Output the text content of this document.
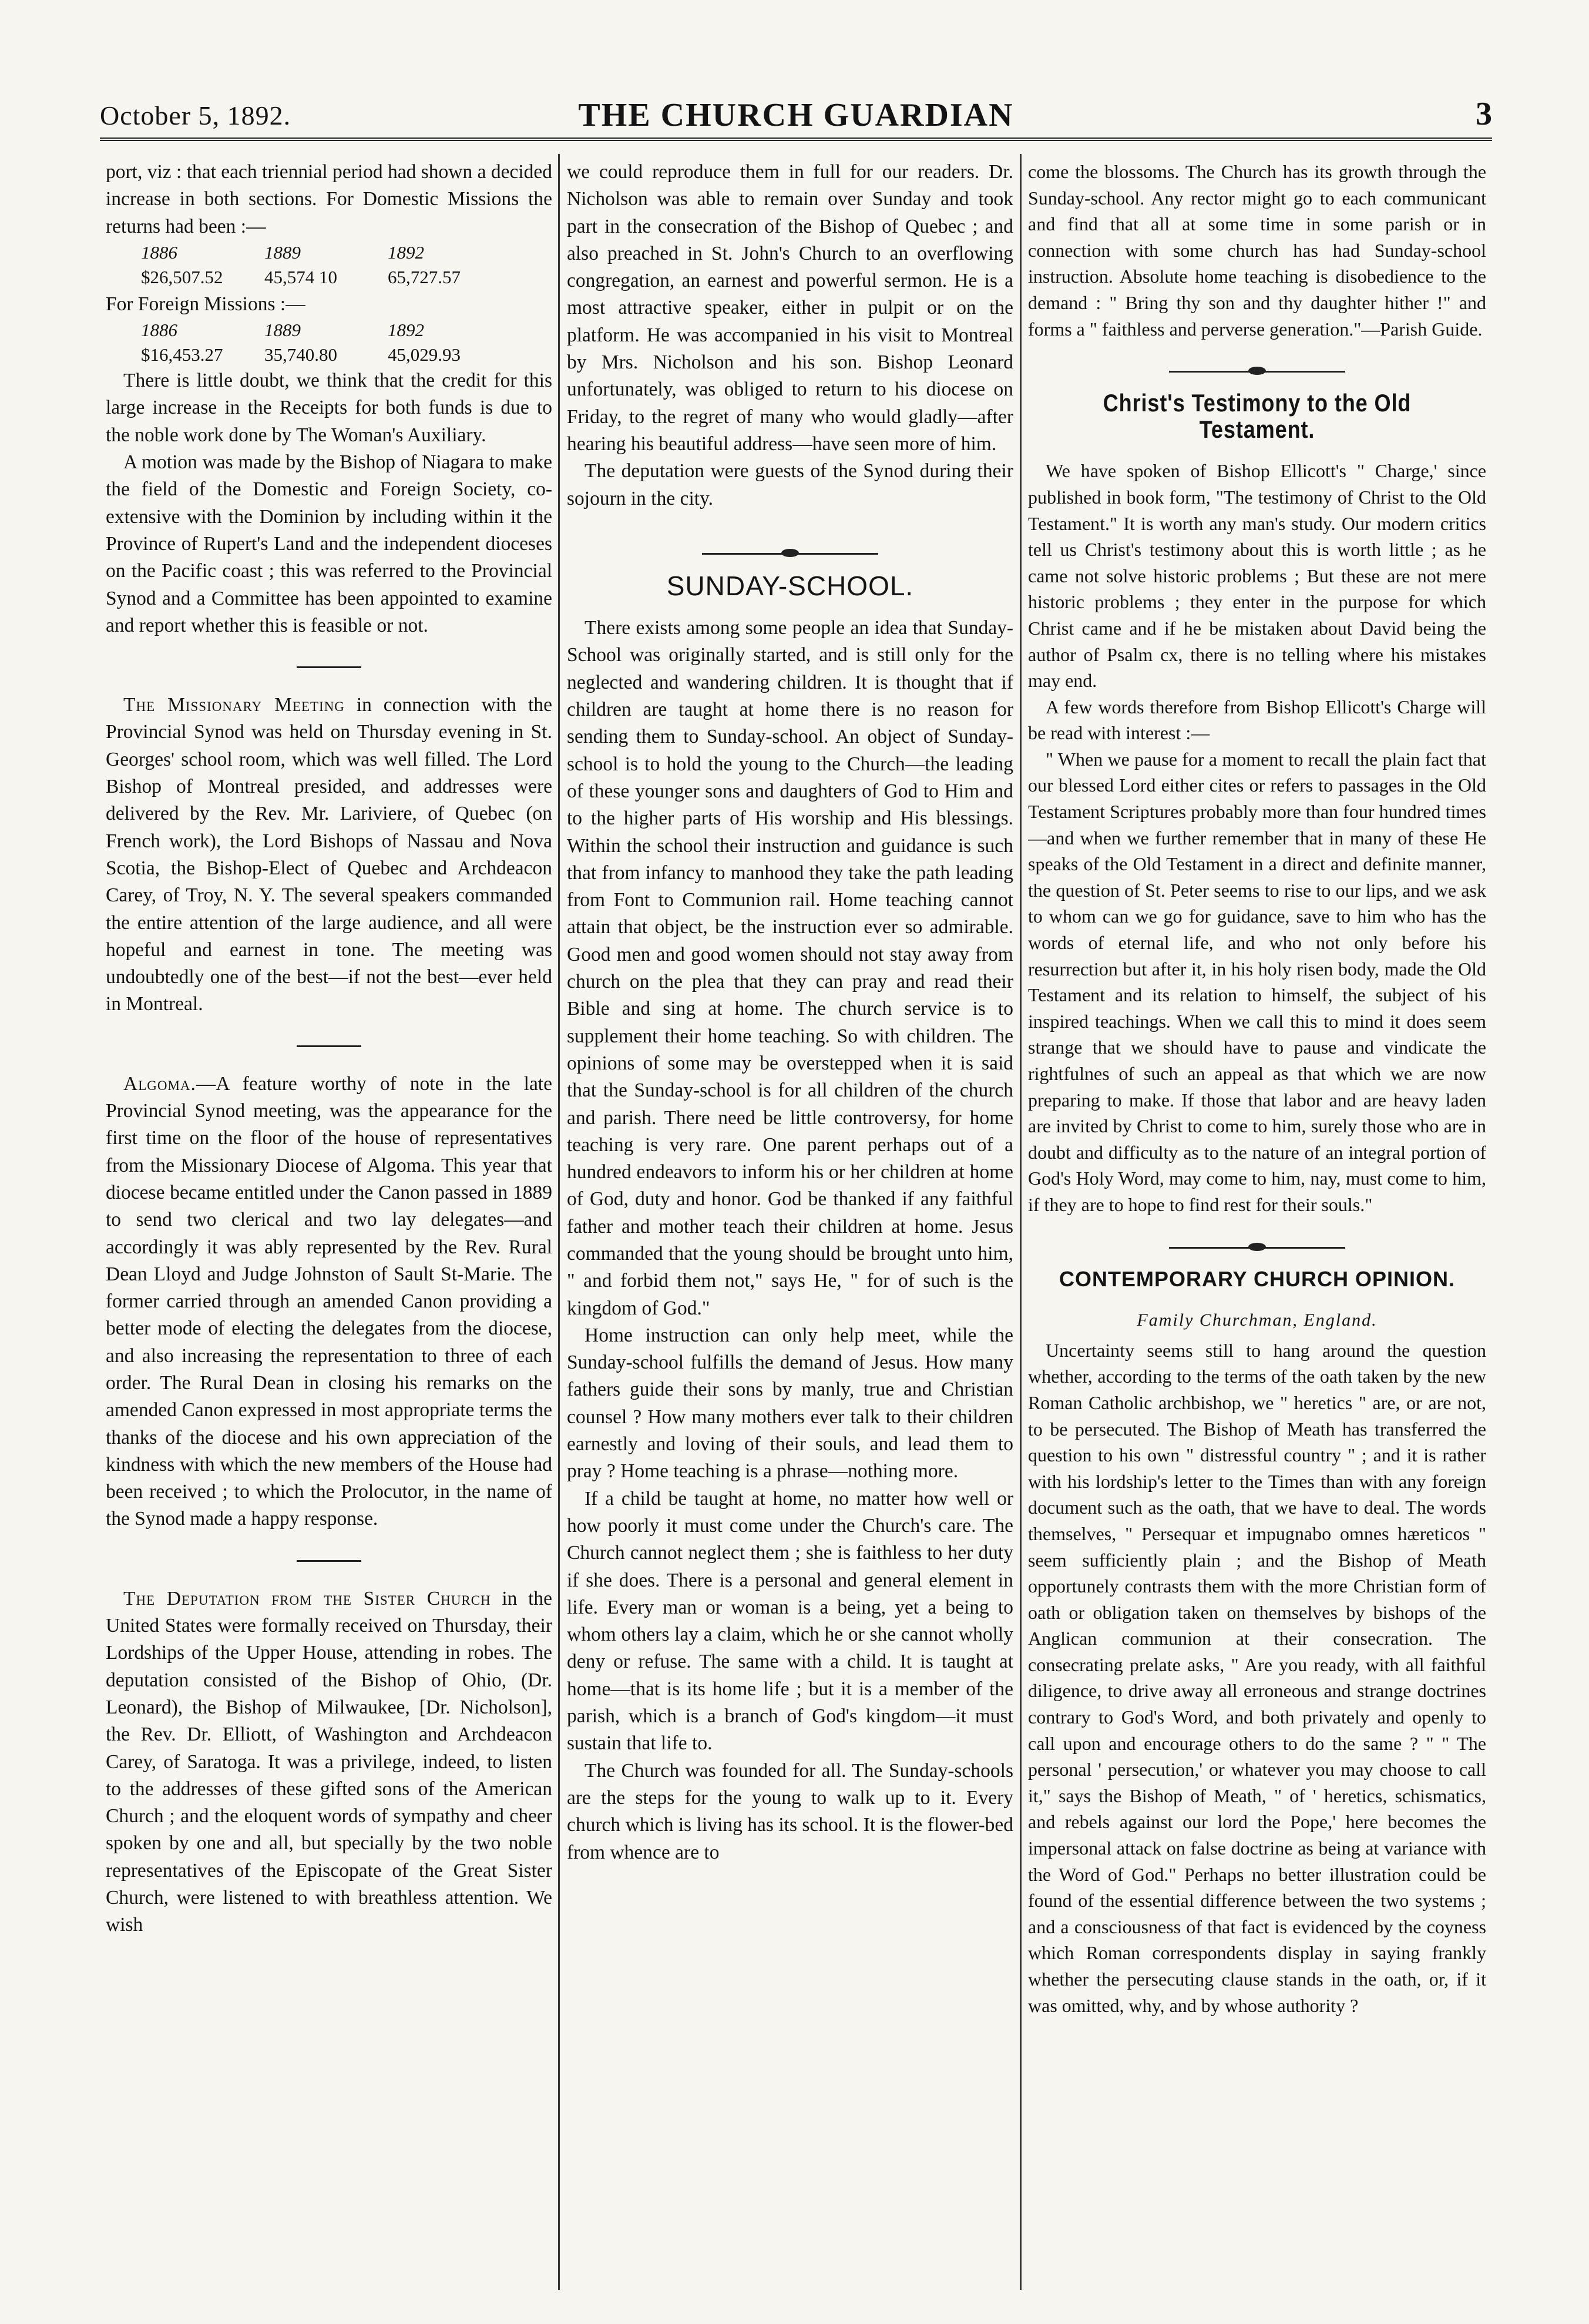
October 5, 1892.	THE CHURCH GUARDIAN	3

port, viz : that each triennial period had shown a decided increase in both sections. For Domestic Missions the returns had been :—

1886	1889	1892
$26,507.52	45,574 10	65,727.57

For Foreign Missions :—

1886	1889	1892
$16,453.27	35,740.80	45,029.93

There is little doubt, we think that the credit for this large increase in the Receipts for both funds is due to the noble work done by The Woman's Auxiliary.

A motion was made by the Bishop of Niagara to make the field of the Domestic and Foreign Society, co-extensive with the Dominion by including within it the Province of Rupert's Land and the independent dioceses on the Pacific coast ; this was referred to the Provincial Synod and a Committee has been appointed to examine and report whether this is feasible or not.

The Missionary Meeting in connection with the Provincial Synod was held on Thursday evening in St. Georges' school room, which was well filled. The Lord Bishop of Montreal presided, and addresses were delivered by the Rev. Mr. Lariviere, of Quebec (on French work), the Lord Bishops of Nassau and Nova Scotia, the Bishop-Elect of Quebec and Archdeacon Carey, of Troy, N. Y. The several speakers commanded the entire attention of the large audience, and all were hopeful and earnest in tone. The meeting was undoubtedly one of the best—if not the best—ever held in Montreal.

Algoma.—A feature worthy of note in the late Provincial Synod meeting, was the appearance for the first time on the floor of the house of representatives from the Missionary Diocese of Algoma. This year that diocese became entitled under the Canon passed in 1889 to send two clerical and two lay delegates—and accordingly it was ably represented by the Rev. Rural Dean Lloyd and Judge Johnston of Sault St-Marie. The former carried through an amended Canon providing a better mode of electing the delegates from the diocese, and also increasing the representation to three of each order. The Rural Dean in closing his remarks on the amended Canon expressed in most appropriate terms the thanks of the diocese and his own appreciation of the kindness with which the new members of the House had been received ; to which the Prolocutor, in the name of the Synod made a happy response.

The Deputation from the Sister Church in the United States were formally received on Thursday, their Lordships of the Upper House, attending in robes. The deputation consisted of the Bishop of Ohio, (Dr. Leonard), the Bishop of Milwaukee, [Dr. Nicholson], the Rev. Dr. Elliott, of Washington and Archdeacon Carey, of Saratoga. It was a privilege, indeed, to listen to the addresses of these gifted sons of the American Church ; and the eloquent words of sympathy and cheer spoken by one and all, but specially by the two noble representatives of the Episcopate of the Great Sister Church, were listened to with breathless attention. We wish

we could reproduce them in full for our readers. Dr. Nicholson was able to remain over Sunday and took part in the consecration of the Bishop of Quebec ; and also preached in St. John's Church to an overflowing congregation, an earnest and powerful sermon. He is a most attractive speaker, either in pulpit or on the platform. He was accompanied in his visit to Montreal by Mrs. Nicholson and his son. Bishop Leonard unfortunately, was obliged to return to his diocese on Friday, to the regret of many who would gladly—after hearing his beautiful address—have seen more of him.

The deputation were guests of the Synod during their sojourn in the city.

SUNDAY-SCHOOL.

There exists among some people an idea that Sunday-School was originally started, and is still only for the neglected and wandering children. It is thought that if children are taught at home there is no reason for sending them to Sunday-school. An object of Sunday-school is to hold the young to the Church—the leading of these younger sons and daughters of God to Him and to the higher parts of His worship and His blessings. Within the school their instruction and guidance is such that from infancy to manhood they take the path leading from Font to Communion rail. Home teaching cannot attain that object, be the instruction ever so admirable. Good men and good women should not stay away from church on the plea that they can pray and read their Bible and sing at home. The church service is to supplement their home teaching. So with children. The opinions of some may be overstepped when it is said that the Sunday-school is for all children of the church and parish. There need be little controversy, for home teaching is very rare. One parent perhaps out of a hundred endeavors to inform his or her children at home of God, duty and honor. God be thanked if any faithful father and mother teach their children at home. Jesus commanded that the young should be brought unto him, " and forbid them not," says He, " for of such is the kingdom of God."

Home instruction can only help meet, while the Sunday-school fulfills the demand of Jesus. How many fathers guide their sons by manly, true and Christian counsel ? How many mothers ever talk to their children earnestly and loving of their souls, and lead them to pray ? Home teaching is a phrase—nothing more.

If a child be taught at home, no matter how well or how poorly it must come under the Church's care. The Church cannot neglect them ; she is faithless to her duty if she does. There is a personal and general element in life. Every man or woman is a being, yet a being to whom others lay a claim, which he or she cannot wholly deny or refuse. The same with a child. It is taught at home—that is its home life ; but it is a member of the parish, which is a branch of God's kingdom—it must sustain that life to.

The Church was founded for all. The Sunday-schools are the steps for the young to walk up to it. Every church which is living has its school. It is the flower-bed from whence are to

come the blossoms. The Church has its growth through the Sunday-school. Any rector might go to each communicant and find that all at some time in some parish or in connection with some church has had Sunday-school instruction. Absolute home teaching is disobedience to the demand : " Bring thy son and thy daughter hither !" and forms a " faithless and perverse generation."—Parish Guide.

Christ's Testimony to the Old Testament.

We have spoken of Bishop Ellicott's " Charge,' since published in book form, "The testimony of Christ to the Old Testament." It is worth any man's study. Our modern critics tell us Christ's testimony about this is worth little ; as he came not solve historic problems ; But these are not mere historic problems ; they enter in the purpose for which Christ came and if he be mistaken about David being the author of Psalm cx, there is no telling where his mistakes may end.

A few words therefore from Bishop Ellicott's Charge will be read with interest :—

" When we pause for a moment to recall the plain fact that our blessed Lord either cites or refers to passages in the Old Testament Scriptures probably more than four hundred times—and when we further remember that in many of these He speaks of the Old Testament in a direct and definite manner, the question of St. Peter seems to rise to our lips, and we ask to whom can we go for guidance, save to him who has the words of eternal life, and who not only before his resurrection but after it, in his holy risen body, made the Old Testament and its relation to himself, the subject of his inspired teachings. When we call this to mind it does seem strange that we should have to pause and vindicate the rightfulnes of such an appeal as that which we are now preparing to make. If those that labor and are heavy laden are invited by Christ to come to him, surely those who are in doubt and difficulty as to the nature of an integral portion of God's Holy Word, may come to him, nay, must come to him, if they are to hope to find rest for their souls."

CONTEMPORARY CHURCH OPINION.
Family Churchman, England.

Uncertainty seems still to hang around the question whether, according to the terms of the oath taken by the new Roman Catholic archbishop, we " heretics " are, or are not, to be persecuted. The Bishop of Meath has transferred the question to his own " distressful country " ; and it is rather with his lordship's letter to the Times than with any foreign document such as the oath, that we have to deal. The words themselves, " Persequar et impugnabo omnes hæreticos " seem sufficiently plain ; and the Bishop of Meath opportunely contrasts them with the more Christian form of oath or obligation taken on themselves by bishops of the Anglican communion at their consecration. The consecrating prelate asks, " Are you ready, with all faithful diligence, to drive away all erroneous and strange doctrines contrary to God's Word, and both privately and openly to call upon and encourage others to do the same ? " " The personal ' persecution,' or whatever you may choose to call it," says the Bishop of Meath, " of ' heretics, schismatics, and rebels against our lord the Pope,' here becomes the impersonal attack on false doctrine as being at variance with the Word of God." Perhaps no better illustration could be found of the essential difference between the two systems ; and a consciousness of that fact is evidenced by the coyness which Roman correspondents display in saying frankly whether the persecuting clause stands in the oath, or, if it was omitted, why, and by whose authority ?
